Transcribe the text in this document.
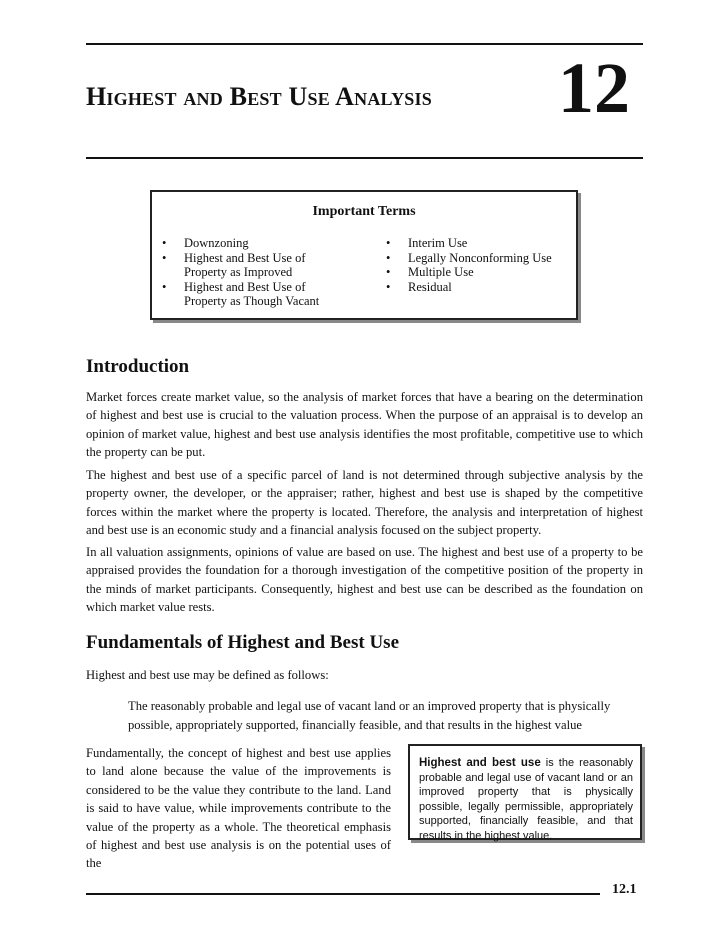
Highest and Best Use Analysis 12
Important Terms
• Downzoning
• Highest and Best Use of
Property as Improved
• Highest and Best Use of
Property as Though Vacant
• Interim Use
• Legally Nonconforming Use
• Multiple Use
• Residual
Introduction

Market forces create market value, so the analysis of market forces that have a bearing on the determination of highest and best use is crucial to the valuation process. When the purpose of an appraisal is to develop an opinion of market value, highest and best use analysis identifies the most profitable, competitive use to which the property can be put.

The highest and best use of a specific parcel of land is not determined through subjective analysis by the property owner, the developer, or the appraiser; rather, highest and best use is shaped by the competitive forces within the market where the property is located. Therefore, the analysis and interpretation of highest and best use is an economic study and a financial analysis focused on the subject property.

In all valuation assignments, opinions of value are based on use. The highest and best use of a property to be appraised provides the foundation for a thorough investigation of the competitive position of the property in the minds of market participants. Consequently, highest and best use can be described as the foundation on which market value rests.

Fundamentals of Highest and Best Use

Highest and best use may be defined as follows:

The reasonably probable and legal use of vacant land or an improved property that is physically possible, appropriately supported, financially feasible, and that results in the highest value

Fundamentally, the concept of highest and best use applies to land alone because the value of the improvements is considered to be the value they contribute to the land. Land is said to have value, while improvements contribute to the value of the property as a whole. The theoretical emphasis of highest and best use analysis is on the potential uses of the

Highest and best use is the reasonably probable and legal use of vacant land or an improved property that is physically possible, legally permissible, appropriately supported, financially feasible, and that results in the highest value.
12.1
